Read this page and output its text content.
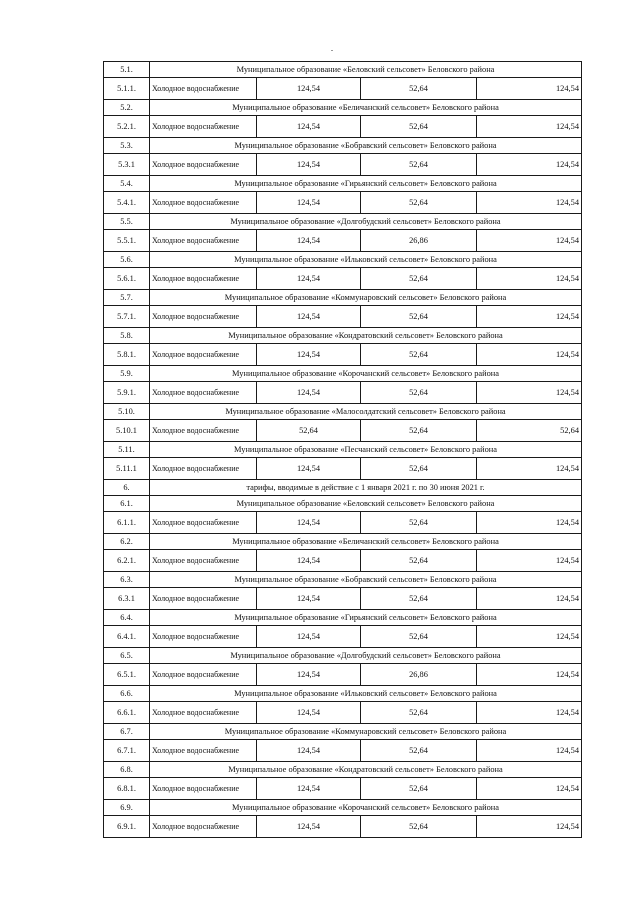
5.1.	Муниципальное образование «Беловский сельсовет» Беловского района			
5.1.1.	Холодное водоснабжение	124,54	52,64	124,54
5.2.	Муниципальное образование «Беличанский сельсовет» Беловского района			
5.2.1.	Холодное водоснабжение	124,54	52,64	124,54
5.3.	Муниципальное образование «Бобравский сельсовет» Беловского района			
5.3.1	Холодное водоснабжение	124,54	52,64	124,54
5.4.	Муниципальное образование «Гирьянский сельсовет» Беловского района			
5.4.1.	Холодное водоснабжение	124,54	52,64	124,54
5.5.	Муниципальное образование «Долгобудский сельсовет» Беловского района			
5.5.1.	Холодное водоснабжение	124,54	26,86	124,54
5.6.	Муниципальное образование «Ильковский сельсовет» Беловского района			
5.6.1.	Холодное водоснабжение	124,54	52,64	124,54
5.7.	Муниципальное образование «Коммунаровский сельсовет» Беловского района			
5.7.1.	Холодное водоснабжение	124,54	52,64	124,54
5.8.	Муниципальное образование «Кондратовский сельсовет» Беловского района			
5.8.1.	Холодное водоснабжение	124,54	52,64	124,54
5.9.	Муниципальное образование «Корочанский сельсовет» Беловского района			
5.9.1.	Холодное водоснабжение	124,54	52,64	124,54
5.10.	Муниципальное образование «Малосолдатский сельсовет» Беловского района			
5.10.1	Холодное водоснабжение	52,64	52,64	52,64
5.11.	Муниципальное образование «Песчанский сельсовет» Беловского района			
5.11.1	Холодное водоснабжение	124,54	52,64	124,54
6.	тарифы, вводимые в действие с 1 января 2021 г. по 30 июня 2021 г.			
6.1.	Муниципальное образование «Беловский сельсовет» Беловского района			
6.1.1.	Холодное водоснабжение	124,54	52,64	124,54
6.2.	Муниципальное образование «Беличанский сельсовет» Беловского района			
6.2.1.	Холодное водоснабжение	124,54	52,64	124,54
6.3.	Муниципальное образование «Бобравский сельсовет» Беловского района			
6.3.1	Холодное водоснабжение	124,54	52,64	124,54
6.4.	Муниципальное образование «Гирьянский сельсовет» Беловского района			
6.4.1.	Холодное водоснабжение	124,54	52,64	124,54
6.5.	Муниципальное образование «Долгобудский сельсовет» Беловского района			
6.5.1.	Холодное водоснабжение	124,54	26,86	124,54
6.6.	Муниципальное образование «Ильковский сельсовет» Беловского района			
6.6.1.	Холодное водоснабжение	124,54	52,64	124,54
6.7.	Муниципальное образование «Коммунаровский сельсовет» Беловского района			
6.7.1.	Холодное водоснабжение	124,54	52,64	124,54
6.8.	Муниципальное образование «Кондратовский сельсовет» Беловского района			
6.8.1.	Холодное водоснабжение	124,54	52,64	124,54
6.9.	Муниципальное образование «Корочанский сельсовет» Беловского района			
6.9.1.	Холодное водоснабжение	124,54	52,64	124,54
